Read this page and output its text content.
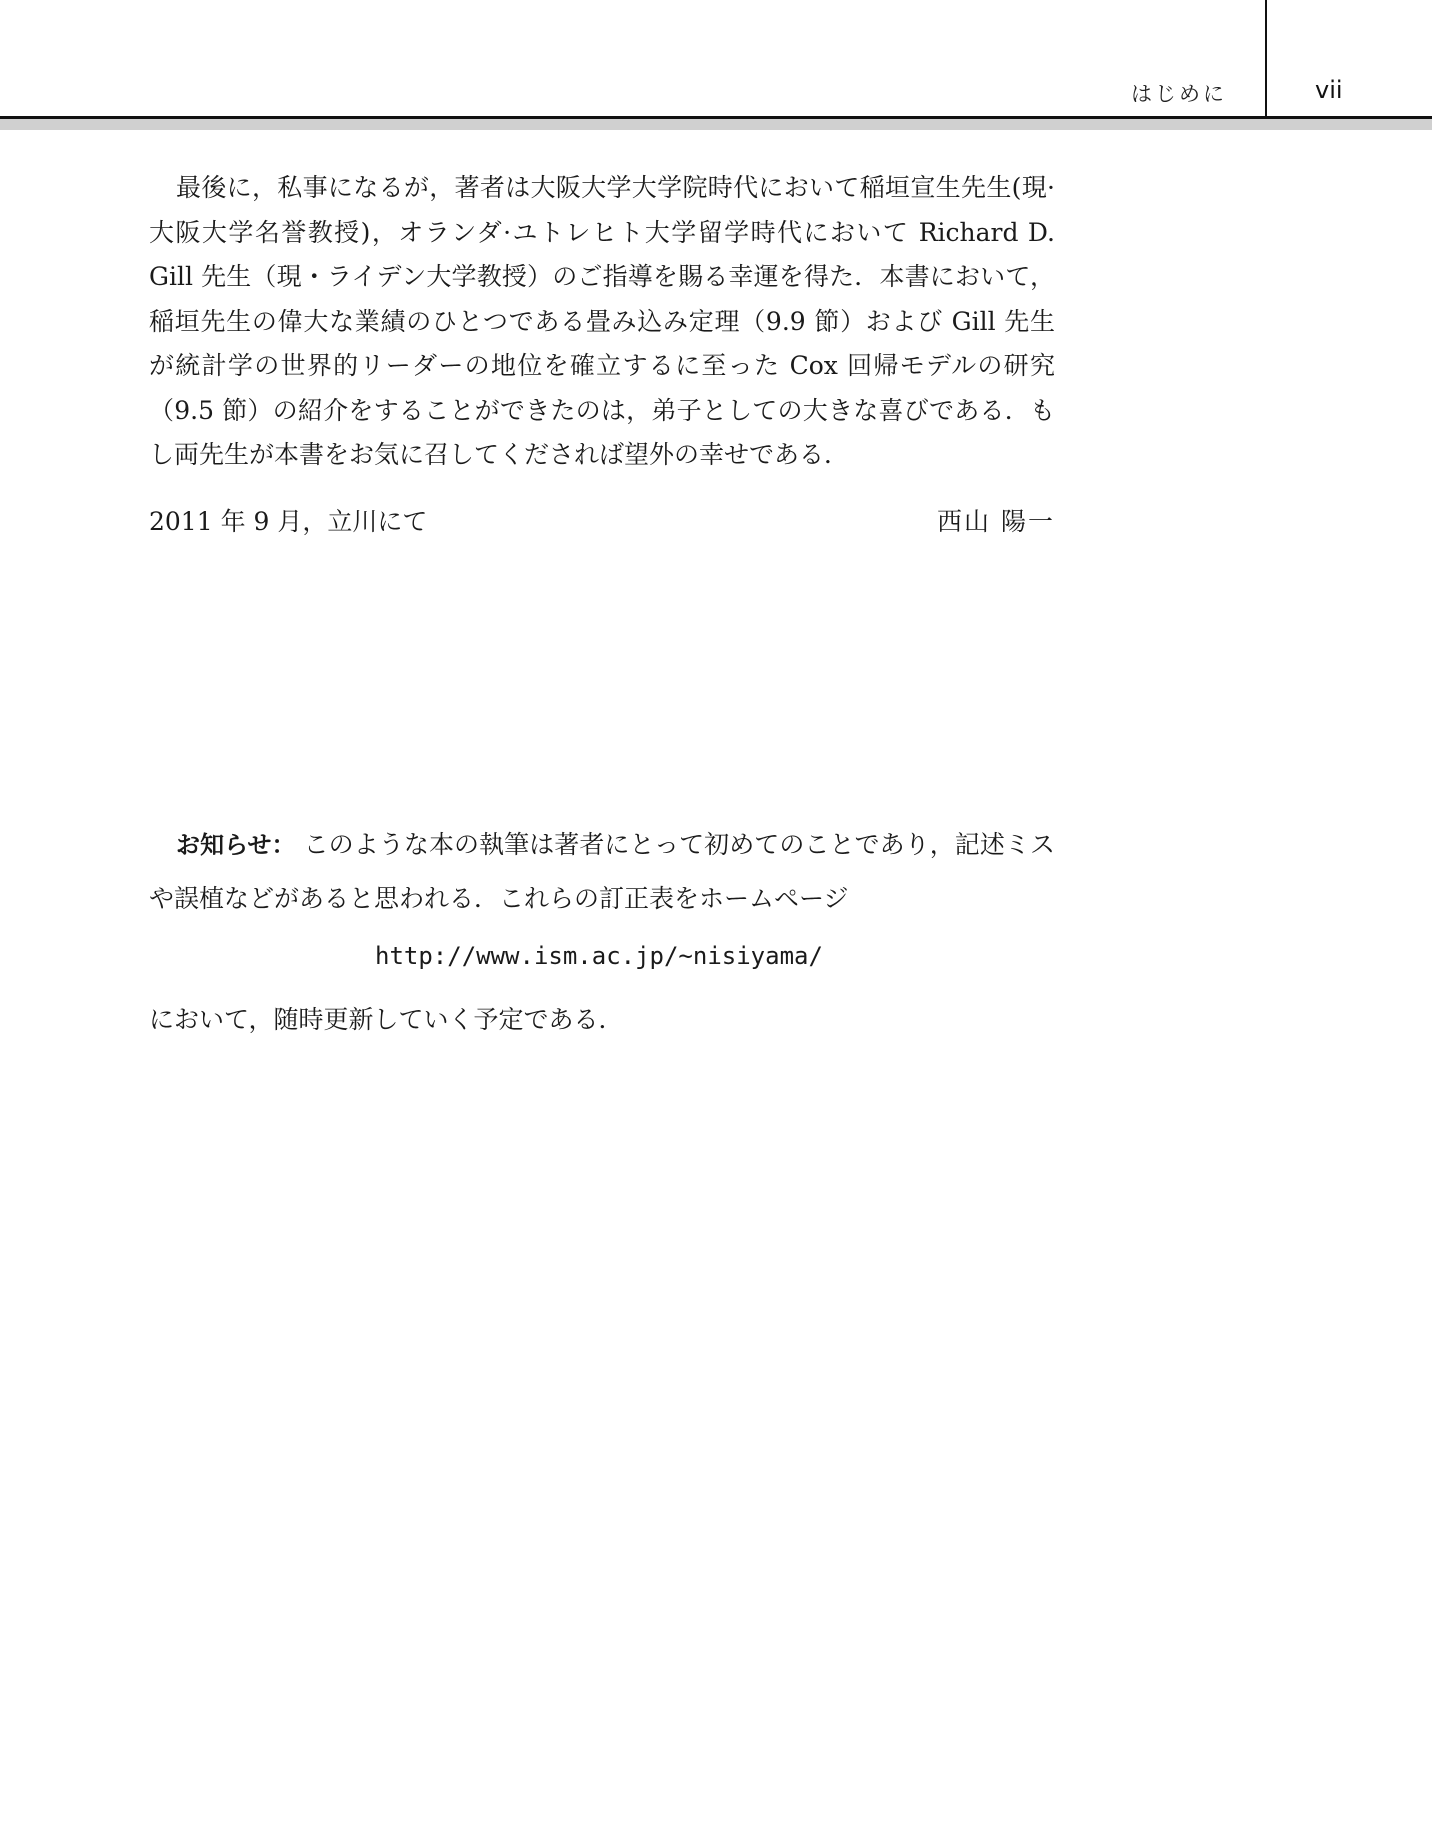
はじめに	vii

最後に，私事になるが，著者は大阪大学大学院時代において稲垣宣生先生(現·大阪大学名誉教授)，オランダ·ユトレヒト大学留学時代において Richard D. Gill 先生（現・ライデン大学教授）のご指導を賜る幸運を得た．本書において，稲垣先生の偉大な業績のひとつである畳み込み定理（9.9 節）および Gill 先生が統計学の世界的リーダーの地位を確立するに至った Cox 回帰モデルの研究（9.5 節）の紹介をすることができたのは，弟子としての大きな喜びである．もし両先生が本書をお気に召してくだされば望外の幸せである．

2011 年 9 月，立川にて	西山 陽一

お知らせ： このような本の執筆は著者にとって初めてのことであり，記述ミスや誤植などがあると思われる．これらの訂正表をホームページ

http://www.ism.ac.jp/~nisiyama/
において，随時更新していく予定である．
